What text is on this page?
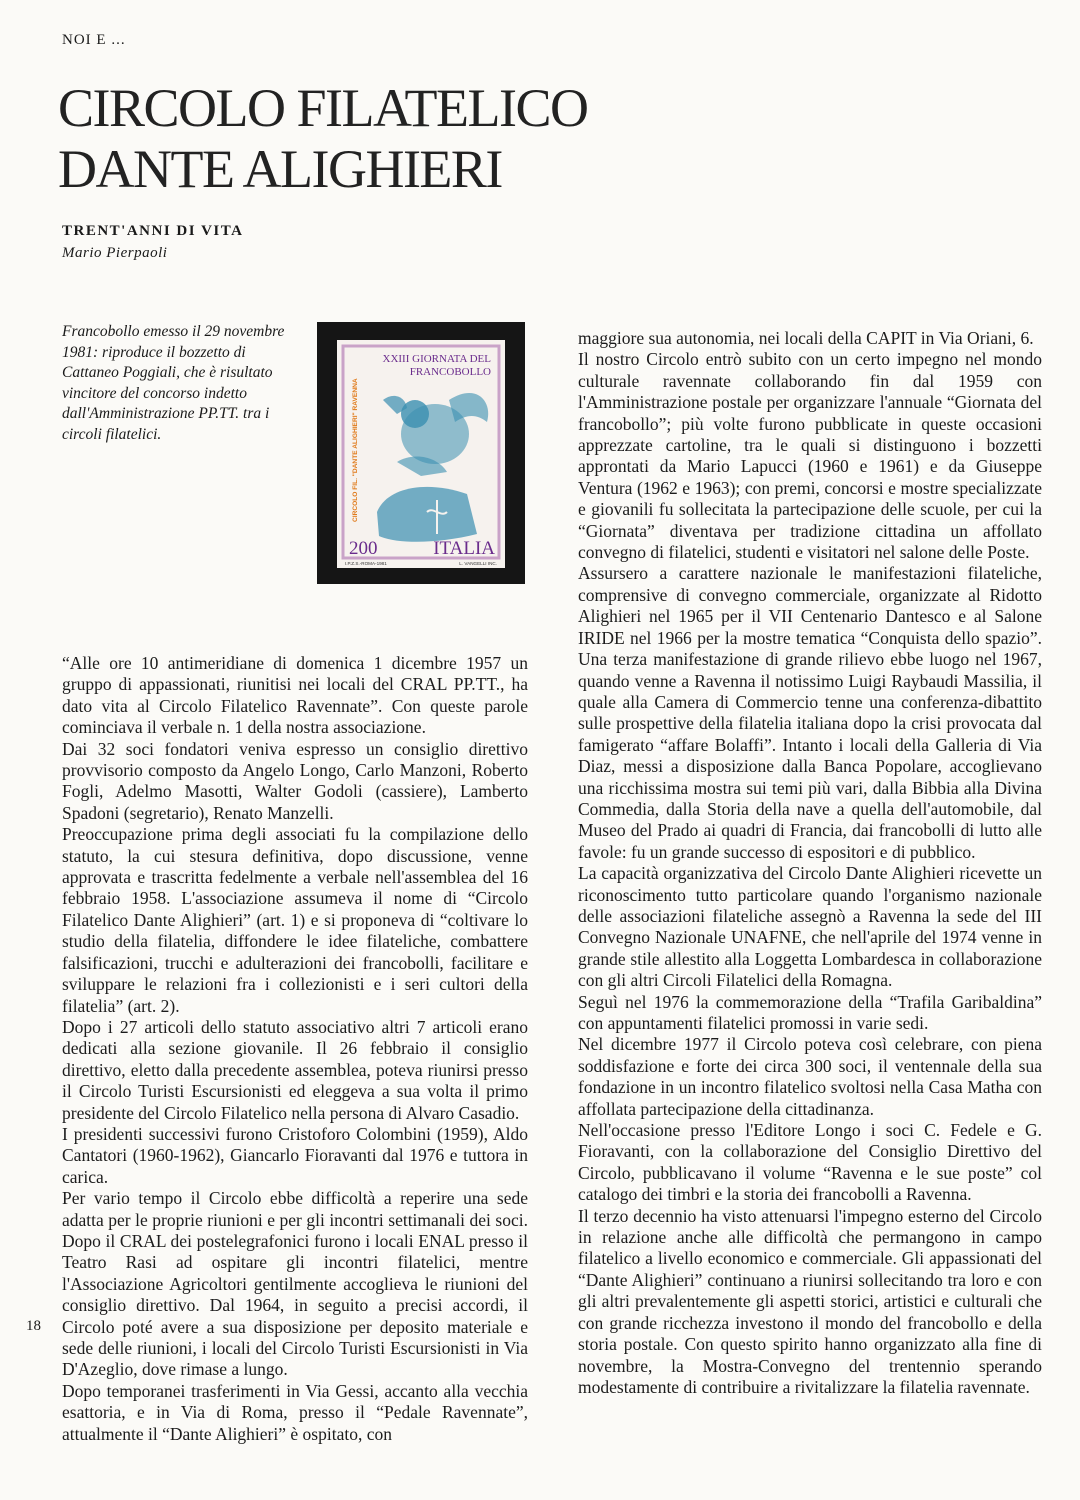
NOI E ...
CIRCOLO FILATELICO
DANTE ALIGHIERI
TRENT'ANNI DI VITA
Mario Pierpaoli
Francobollo emesso il 29 novembre 1981: riproduce il bozzetto di Cattaneo Poggiali, che è risultato vincitore del concorso indetto dall'Amministrazione PP.TT. tra i circoli filatelici.
XXIII GIORNATA DEL
FRANCOBOLLO
CIRCOLO FIL. "DANTE ALIGHIERI" RAVENNA
200	ITALIA
I.P.Z.S.-ROMA-1981	L. VANGELLI INC.

“Alle ore 10 antimeridiane di domenica 1 dicembre 1957 un gruppo di appassionati, riunitisi nei locali del CRAL PP.TT., ha dato vita al Circolo Filatelico Ravennate”. Con queste parole cominciava il verbale n. 1 della nostra associazione.

Dai 32 soci fondatori veniva espresso un consiglio direttivo provvisorio composto da Angelo Longo, Carlo Manzoni, Roberto Fogli, Adelmo Masotti, Walter Godoli (cassiere), Lamberto Spadoni (segretario), Renato Manzelli.

Preoccupazione prima degli associati fu la compilazione dello statuto, la cui stesura definitiva, dopo discussione, venne approvata e trascritta fedelmente a verbale nell'assemblea del 16 febbraio 1958. L'associazione assumeva il nome di “Circolo Filatelico Dante Alighieri” (art. 1) e si proponeva di “coltivare lo studio della filatelia, diffondere le idee filateliche, combattere falsificazioni, trucchi e adulterazioni dei francobolli, facilitare e sviluppare le relazioni fra i collezionisti e i seri cultori della filatelia” (art. 2).

Dopo i 27 articoli dello statuto associativo altri 7 articoli erano dedicati alla sezione giovanile. Il 26 febbraio il consiglio direttivo, eletto dalla precedente assemblea, poteva riunirsi presso il Circolo Turisti Escursionisti ed eleggeva a sua volta il primo presidente del Circolo Filatelico nella persona di Alvaro Casadio.

I presidenti successivi furono Cristoforo Colombini (1959), Aldo Cantatori (1960-1962), Giancarlo Fioravanti dal 1976 e tuttora in carica.

Per vario tempo il Circolo ebbe difficoltà a reperire una sede adatta per le proprie riunioni e per gli incontri settimanali dei soci. Dopo il CRAL dei postelegrafonici furono i locali ENAL presso il Teatro Rasi ad ospitare gli incontri filatelici, mentre l'Associazione Agricoltori gentilmente accoglieva le riunioni del consiglio direttivo. Dal 1964, in seguito a precisi accordi, il Circolo poté avere a sua disposizione per deposito materiale e sede delle riunioni, i locali del Circolo Turisti Escursionisti in Via D'Azeglio, dove rimase a lungo.

Dopo temporanei trasferimenti in Via Gessi, accanto alla vecchia esattoria, e in Via di Roma, presso il “Pedale Ravennate”, attualmente il “Dante Alighieri” è ospitato, con

maggiore sua autonomia, nei locali della CAPIT in Via Oriani, 6.

Il nostro Circolo entrò subito con un certo impegno nel mondo culturale ravennate collaborando fin dal 1959 con l'Amministrazione postale per organizzare l'annuale “Giornata del francobollo”; più volte furono pubblicate in queste occasioni apprezzate cartoline, tra le quali si distinguono i bozzetti approntati da Mario Lapucci (1960 e 1961) e da Giuseppe Ventura (1962 e 1963); con premi, concorsi e mostre specializzate e giovanili fu sollecitata la partecipazione delle scuole, per cui la “Giornata” diventava per tradizione cittadina un affollato convegno di filatelici, studenti e visitatori nel salone delle Poste.

Assursero a carattere nazionale le manifestazioni filateliche, comprensive di convegno commerciale, organizzate al Ridotto Alighieri nel 1965 per il VII Centenario Dantesco e al Salone IRIDE nel 1966 per la mostre tematica “Conquista dello spazio”. Una terza manifestazione di grande rilievo ebbe luogo nel 1967, quando venne a Ravenna il notissimo Luigi Raybaudi Massilia, il quale alla Camera di Commercio tenne una conferenza-dibattito sulle prospettive della filatelia italiana dopo la crisi provocata dal famigerato “affare Bolaffi”. Intanto i locali della Galleria di Via Diaz, messi a disposizione dalla Banca Popolare, accoglievano una ricchissima mostra sui temi più vari, dalla Bibbia alla Divina Commedia, dalla Storia della nave a quella dell'automobile, dal Museo del Prado ai quadri di Francia, dai francobolli di lutto alle favole: fu un grande successo di espositori e di pubblico.

La capacità organizzativa del Circolo Dante Alighieri ricevette un riconoscimento tutto particolare quando l'organismo nazionale delle associazioni filateliche assegnò a Ravenna la sede del III Convegno Nazionale UNAFNE, che nell'aprile del 1974 venne in grande stile allestito alla Loggetta Lombardesca in collaborazione con gli altri Circoli Filatelici della Romagna.

Seguì nel 1976 la commemorazione della “Trafila Garibaldina” con appuntamenti filatelici promossi in varie sedi.

Nel dicembre 1977 il Circolo poteva così celebrare, con piena soddisfazione e forte dei circa 300 soci, il ventennale della sua fondazione in un incontro filatelico svoltosi nella Casa Matha con affollata partecipazione della cittadinanza.

Nell'occasione presso l'Editore Longo i soci C. Fedele e G. Fioravanti, con la collaborazione del Consiglio Direttivo del Circolo, pubblicavano il volume “Ravenna e le sue poste” col catalogo dei timbri e la storia dei francobolli a Ravenna.

Il terzo decennio ha visto attenuarsi l'impegno esterno del Circolo in relazione anche alle difficoltà che permangono in campo filatelico a livello economico e commerciale. Gli appassionati del “Dante Alighieri” continuano a riunirsi sollecitando tra loro e con gli altri prevalentemente gli aspetti storici, artistici e culturali che con grande ricchezza investono il mondo del francobollo e della storia postale. Con questo spirito hanno organizzato alla fine di novembre, la Mostra-Convegno del trentennio sperando modestamente di contribuire a rivitalizzare la filatelia ravennate.

18
